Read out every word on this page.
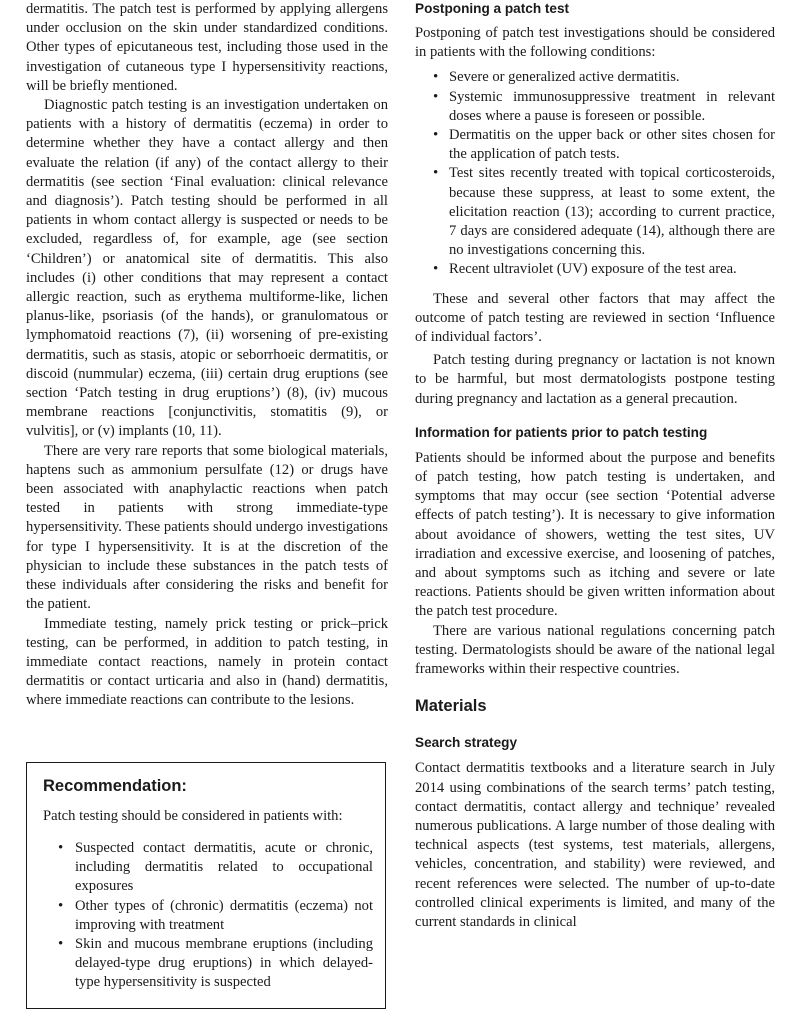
dermatitis. The patch test is performed by applying allergens under occlusion on the skin under standardized conditions. Other types of epicutaneous test, including those used in the investigation of cutaneous type I hypersensitivity reactions, will be briefly mentioned.

Diagnostic patch testing is an investigation undertaken on patients with a history of dermatitis (eczema) in order to determine whether they have a contact allergy and then evaluate the relation (if any) of the contact allergy to their dermatitis (see section ‘Final evaluation: clinical relevance and diagnosis’). Patch testing should be performed in all patients in whom contact allergy is suspected or needs to be excluded, regardless of, for example, age (see section ‘Children’) or anatomical site of dermatitis. This also includes (i) other conditions that may represent a contact allergic reaction, such as erythema multiforme-like, lichen planus-like, psoriasis (of the hands), or granulomatous or lymphomatoid reactions (7), (ii) worsening of pre-existing dermatitis, such as stasis, atopic or seborrhoeic dermatitis, or discoid (nummular) eczema, (iii) certain drug eruptions (see section ‘Patch testing in drug eruptions’) (8), (iv) mucous membrane reactions [conjunctivitis, stomatitis (9), or vulvitis], or (v) implants (10, 11).

There are very rare reports that some biological materials, haptens such as ammonium persulfate (12) or drugs have been associated with anaphylactic reactions when patch tested in patients with strong immediate-type hypersensitivity. These patients should undergo investigations for type I hypersensitivity. It is at the discretion of the physician to include these substances in the patch tests of these individuals after considering the risks and benefit for the patient.

Immediate testing, namely prick testing or prick–prick testing, can be performed, in addition to patch testing, in immediate contact reactions, namely in protein contact dermatitis or contact urticaria and also in (hand) dermatitis, where immediate reactions can contribute to the lesions.

Recommendation:

Patch testing should be considered in patients with:

• Suspected contact dermatitis, acute or chronic, including dermatitis related to occupational exposures
• Other types of (chronic) dermatitis (eczema) not improving with treatment
• Skin and mucous membrane eruptions (including delayed-type drug eruptions) in which delayed-type hypersensitivity is suspected
Postponing a patch test

Postponing of patch test investigations should be considered in patients with the following conditions:

• Severe or generalized active dermatitis.
• Systemic immunosuppressive treatment in relevant doses where a pause is foreseen or possible.
• Dermatitis on the upper back or other sites chosen for the application of patch tests.
• Test sites recently treated with topical corticosteroids, because these suppress, at least to some extent, the elicitation reaction (13); according to current practice, 7 days are considered adequate (14), although there are no investigations concerning this.
• Recent ultraviolet (UV) exposure of the test area.

These and several other factors that may affect the outcome of patch testing are reviewed in section ‘Influence of individual factors’.

Patch testing during pregnancy or lactation is not known to be harmful, but most dermatologists postpone testing during pregnancy and lactation as a general precaution.

Information for patients prior to patch testing

Patients should be informed about the purpose and benefits of patch testing, how patch testing is undertaken, and symptoms that may occur (see section ‘Potential adverse effects of patch testing’). It is necessary to give information about avoidance of showers, wetting the test sites, UV irradiation and excessive exercise, and loosening of patches, and about symptoms such as itching and severe or late reactions. Patients should be given written information about the patch test procedure.

There are various national regulations concerning patch testing. Dermatologists should be aware of the national legal frameworks within their respective countries.

Materials
Search strategy

Contact dermatitis textbooks and a literature search in July 2014 using combinations of the search terms’ patch testing, contact dermatitis, contact allergy and technique’ revealed numerous publications. A large number of those dealing with technical aspects (test systems, test materials, allergens, vehicles, concentration, and stability) were reviewed, and recent references were selected. The number of up-to-date controlled clinical experiments is limited, and many of the current standards in clinical
